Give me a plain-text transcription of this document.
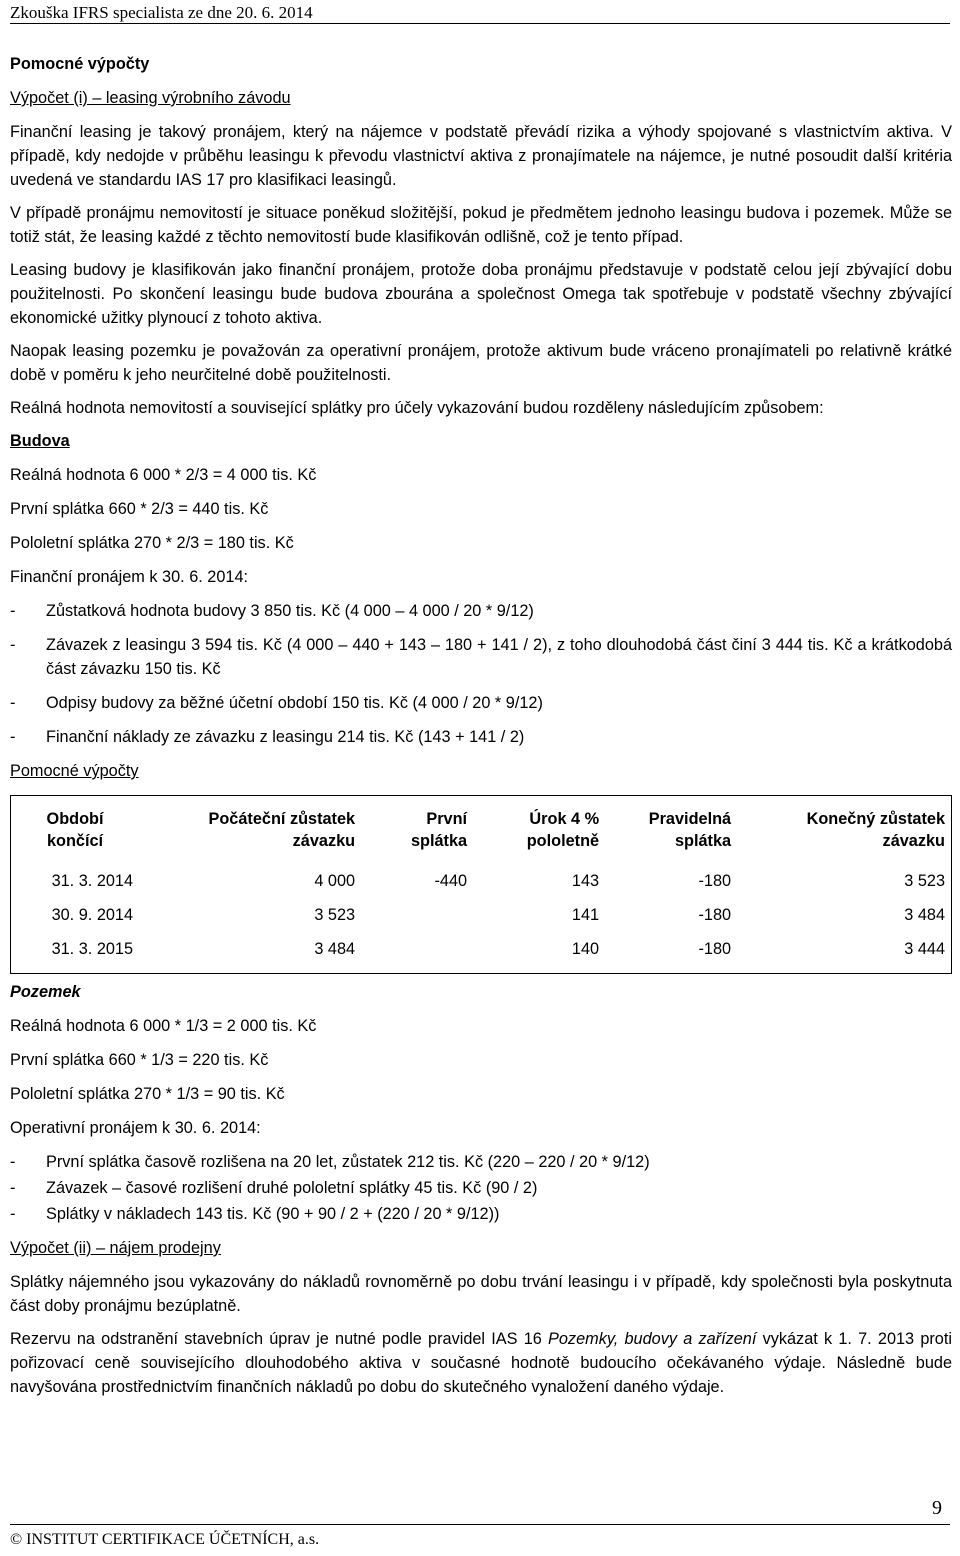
Zkouška IFRS specialista ze dne 20. 6. 2014
Pomocné výpočty
Výpočet (i) – leasing výrobního závodu
Finanční leasing je takový pronájem, který na nájemce v podstatě převádí rizika a výhody spojované s vlastnictvím aktiva. V případě, kdy nedojde v průběhu leasingu k převodu vlastnictví aktiva z pronajímatele na nájemce, je nutné posoudit další kritéria uvedená ve standardu IAS 17 pro klasifikaci leasingů.
V případě pronájmu nemovitostí je situace poněkud složitější, pokud je předmětem jednoho leasingu budova i pozemek. Může se totiž stát, že leasing každé z těchto nemovitostí bude klasifikován odlišně, což je tento případ.
Leasing budovy je klasifikován jako finanční pronájem, protože doba pronájmu představuje v podstatě celou její zbývající dobu použitelnosti. Po skončení leasingu bude budova zbourána a společnost Omega tak spotřebuje v podstatě všechny zbývající ekonomické užitky plynoucí z tohoto aktiva.
Naopak leasing pozemku je považován za operativní pronájem, protože aktivum bude vráceno pronajímateli po relativně krátké době v poměru k jeho neurčitelné době použitelnosti.
Reálná hodnota nemovitostí a související splátky pro účely vykazování budou rozděleny následujícím způsobem:
Budova
Reálná hodnota 6 000 * 2/3 = 4 000 tis. Kč
První splátka 660 * 2/3 = 440 tis. Kč
Pololetní splátka 270 * 2/3 = 180 tis. Kč
Finanční pronájem k 30. 6. 2014:
-	Zůstatková hodnota budovy 3 850 tis. Kč (4 000 – 4 000 / 20 * 9/12)
-	Závazek z leasingu 3 594 tis. Kč (4 000 – 440 + 143 – 180 + 141 / 2), z toho dlouhodobá část činí 3 444 tis. Kč a krátkodobá část závazku 150 tis. Kč
-	Odpisy budovy za běžné účetní období 150 tis. Kč (4 000 / 20 * 9/12)
-	Finanční náklady ze závazku z leasingu 214 tis. Kč (143 + 141 / 2)
Pomocné výpočty
Období končící	Počáteční zůstatek závazku	První splátka	Úrok 4 % pololetně	Pravidelná splátka	Konečný zůstatek závazku
31. 3. 2014	4 000	-440	143	-180	3 523
30. 9. 2014	3 523		141	-180	3 484
31. 3. 2015	3 484		140	-180	3 444
Pozemek
Reálná hodnota 6 000 * 1/3 = 2 000 tis. Kč
První splátka 660 * 1/3 = 220 tis. Kč
Pololetní splátka 270 * 1/3 = 90 tis. Kč
Operativní pronájem k 30. 6. 2014:
-	První splátka časově rozlišena na 20 let, zůstatek 212 tis. Kč (220 – 220 / 20 * 9/12)
-	Závazek – časové rozlišení druhé pololetní splátky 45 tis. Kč (90 / 2)
-	Splátky v nákladech 143 tis. Kč (90 + 90 / 2 + (220 / 20 * 9/12))
Výpočet (ii) – nájem prodejny
Splátky nájemného jsou vykazovány do nákladů rovnoměrně po dobu trvání leasingu i v případě, kdy společnosti byla poskytnuta část doby pronájmu bezúplatně.
Rezervu na odstranění stavebních úprav je nutné podle pravidel IAS 16 Pozemky, budovy a zařízení vykázat k 1. 7. 2013 proti pořizovací ceně souvisejícího dlouhodobého aktiva v současné hodnotě budoucího očekávaného výdaje. Následně bude navyšována prostřednictvím finančních nákladů po dobu do skutečného vynaložení daného výdaje.
9
© INSTITUT CERTIFIKACE ÚČETNÍCH, a.s.
